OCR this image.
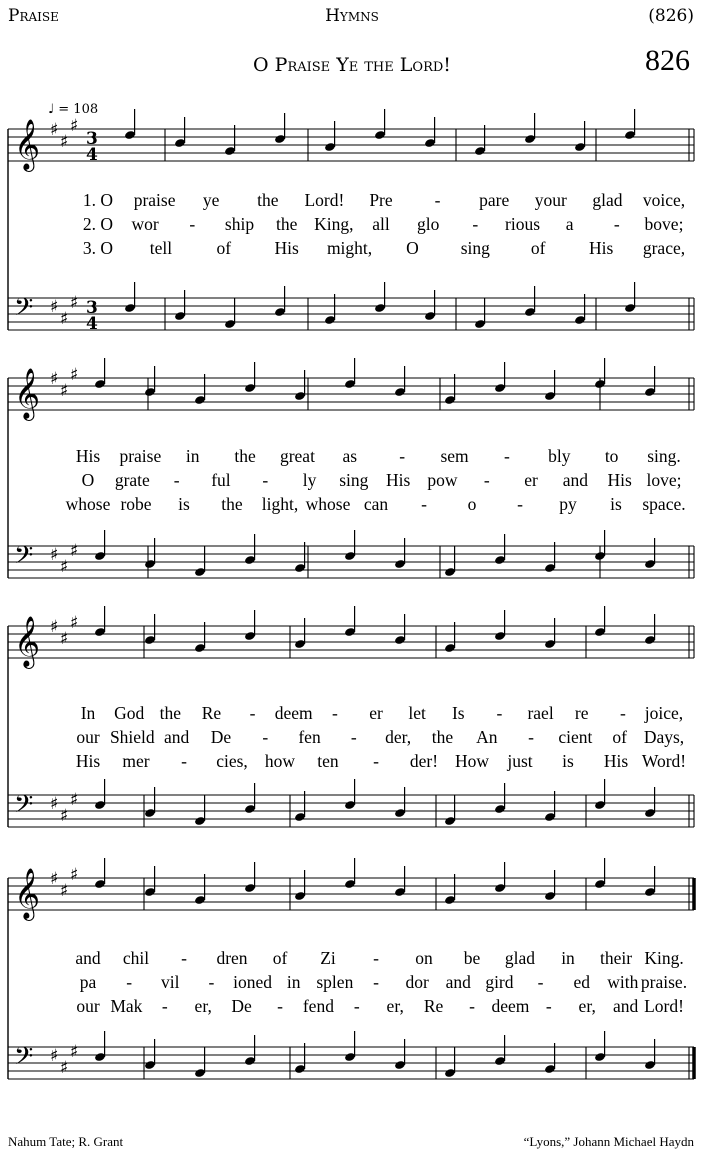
Praise	Hymns	(826)
O Praise Ye the Lord!	826
♩ = 108
𝄞 ♯
♯
♯
3
4
𝄢 ♯
♯
♯ 3
4
1. O praise ye the Lord! Pre - pare your glad voice,
2. O wor - ship the King, all glo - rious a - bove;
3. O tell	of His might, O sing of His grace,
𝄞 ♯
♯
♯
𝄢 ♯
♯
♯
His praise in the great as - sem - bly to sing.
O grate - ful - ly sing His pow - er and His love;
whose robe is the light, whose can - o - py is space.
𝄞 ♯
♯
♯
𝄢 ♯
♯
♯
In God the Re - deem - er let Is - rael re - joice,
our Shield and De - fen - der, the An - cient of Days,
His mer - cies, how ten - der! How just is His Word!
𝄞 ♯
♯
♯
𝄢 ♯
♯
♯
and chil - dren of Zi - on be glad in their King.
pa - vil - ioned in splen - dor and gird - ed with praise.
our Mak - er, De - fend - er, Re - deem - er, and Lord!
Nahum Tate; R. Grant	“Lyons,” Johann Michael Haydn
